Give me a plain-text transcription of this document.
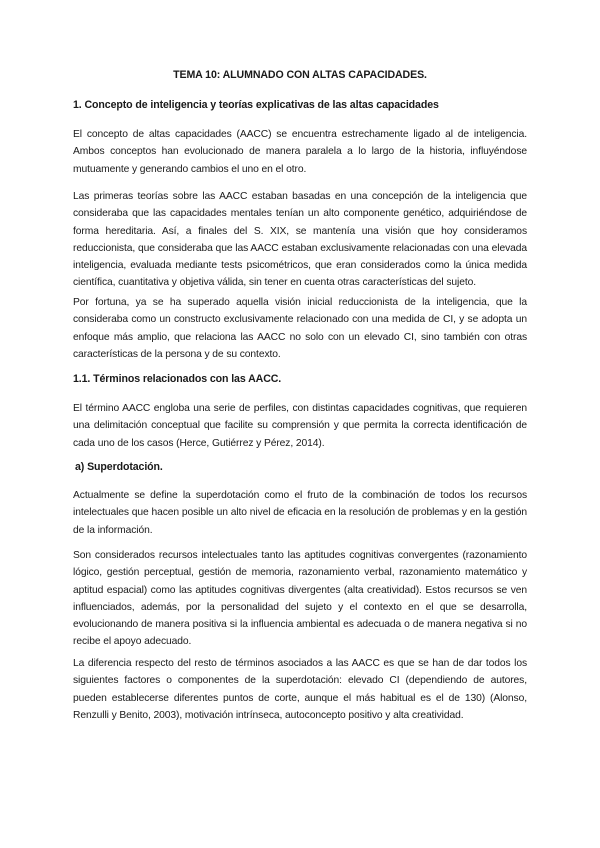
TEMA 10: ALUMNADO CON ALTAS CAPACIDADES.
1. Concepto de inteligencia y teorías explicativas de las altas capacidades

El concepto de altas capacidades (AACC) se encuentra estrechamente ligado al de inteligencia. Ambos conceptos han evolucionado de manera paralela a lo largo de la historia, influyéndose mutuamente y generando cambios el uno en el otro.

Las primeras teorías sobre las AACC estaban basadas en una concepción de la inteligencia que consideraba que las capacidades mentales tenían un alto componente genético, adquiriéndose de forma hereditaria. Así, a finales del S. XIX, se mantenía una visión que hoy consideramos reduccionista, que consideraba que las AACC estaban exclusivamente relacionadas con una elevada inteligencia, evaluada mediante tests psicométricos, que eran considerados como la única medida científica, cuantitativa y objetiva válida, sin tener en cuenta otras características del sujeto.

Por fortuna, ya se ha superado aquella visión inicial reduccionista de la inteligencia, que la consideraba como un constructo exclusivamente relacionado con una medida de CI, y se adopta un enfoque más amplio, que relaciona las AACC no solo con un elevado CI, sino también con otras características de la persona y de su contexto.

1.1. Términos relacionados con las AACC.

El término AACC engloba una serie de perfiles, con distintas capacidades cognitivas, que requieren una delimitación conceptual que facilite su comprensión y que permita la correcta identificación de cada uno de los casos (Herce, Gutiérrez y Pérez, 2014).

a) Superdotación.

Actualmente se define la superdotación como el fruto de la combinación de todos los recursos intelectuales que hacen posible un alto nivel de eficacia en la resolución de problemas y en la gestión de la información.

Son considerados recursos intelectuales tanto las aptitudes cognitivas convergentes (razonamiento lógico, gestión perceptual, gestión de memoria, razonamiento verbal, razonamiento matemático y aptitud espacial) como las aptitudes cognitivas divergentes (alta creatividad). Estos recursos se ven influenciados, además, por la personalidad del sujeto y el contexto en el que se desarrolla, evolucionando de manera positiva si la influencia ambiental es adecuada o de manera negativa si no recibe el apoyo adecuado.

La diferencia respecto del resto de términos asociados a las AACC es que se han de dar todos los siguientes factores o componentes de la superdotación: elevado CI (dependiendo de autores, pueden establecerse diferentes puntos de corte, aunque el más habitual es el de 130) (Alonso, Renzulli y Benito, 2003), motivación intrínseca, autoconcepto positivo y alta creatividad.
